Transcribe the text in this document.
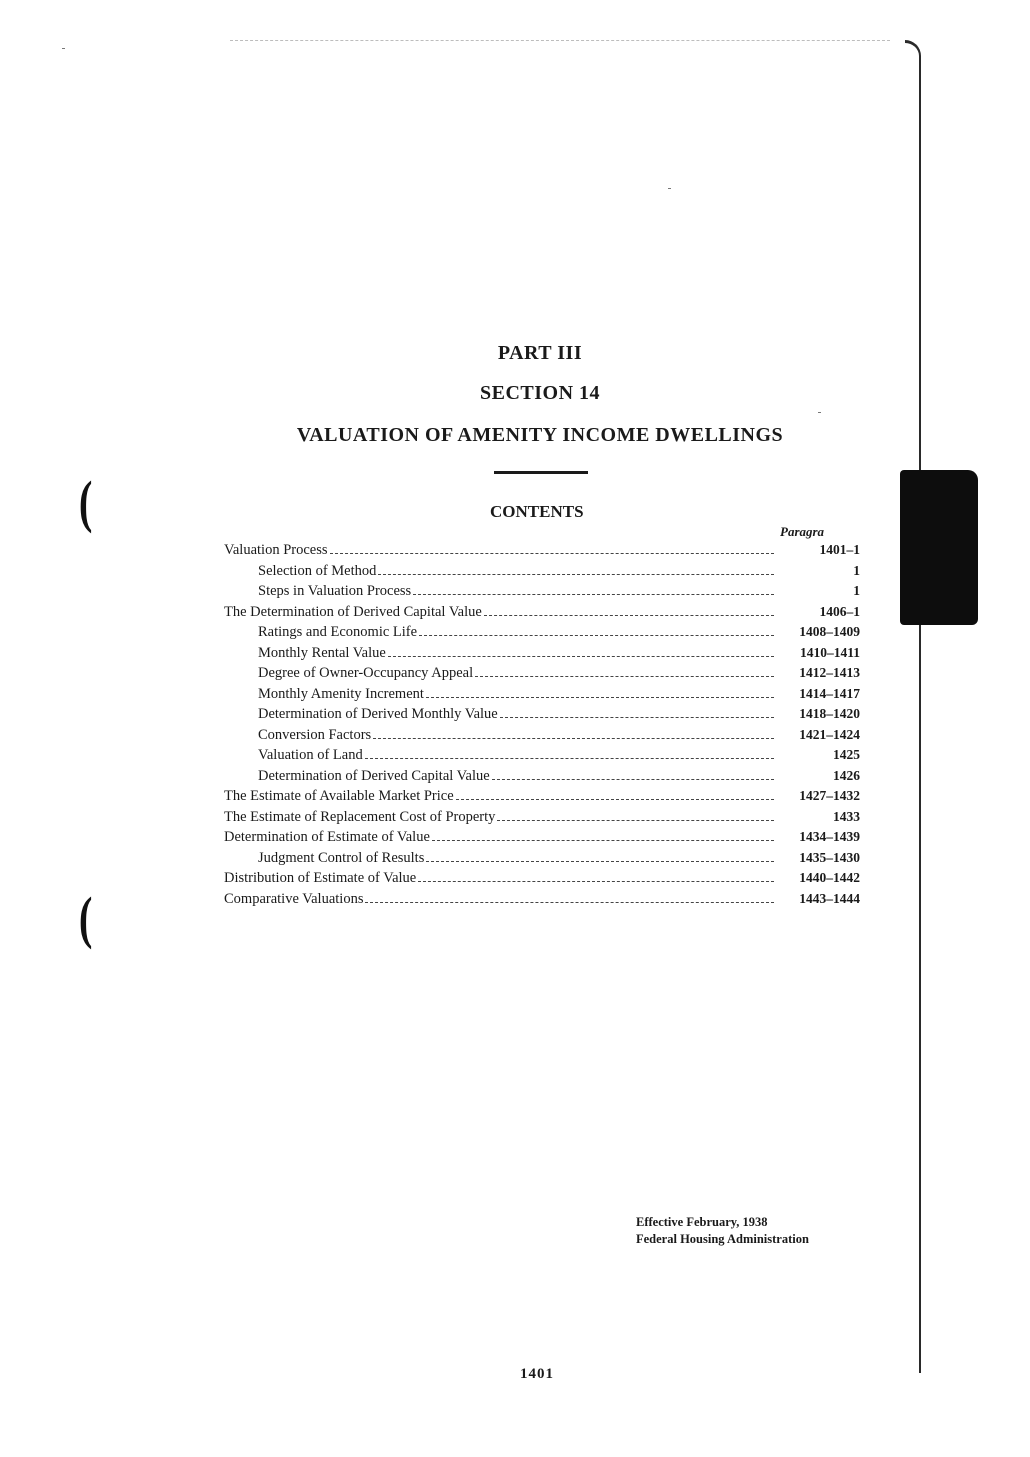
(
(
PART III
SECTION 14
VALUATION OF AMENITY INCOME DWELLINGS
CONTENTS
Paragra
Valuation Process	1401–1
Selection of Method	1
Steps in Valuation Process	1
The Determination of Derived Capital Value	1406–1
Ratings and Economic Life	1408–1409
Monthly Rental Value	1410–1411
Degree of Owner-Occupancy Appeal	1412–1413
Monthly Amenity Increment	1414–1417
Determination of Derived Monthly Value	1418–1420
Conversion Factors	1421–1424
Valuation of Land	1425
Determination of Derived Capital Value	1426
The Estimate of Available Market Price	1427–1432
The Estimate of Replacement Cost of Property	1433
Determination of Estimate of Value	1434–1439
Judgment Control of Results	1435–1430
Distribution of Estimate of Value	1440–1442
Comparative Valuations	1443–1444
Effective February, 1938
Federal Housing Administration
1401
